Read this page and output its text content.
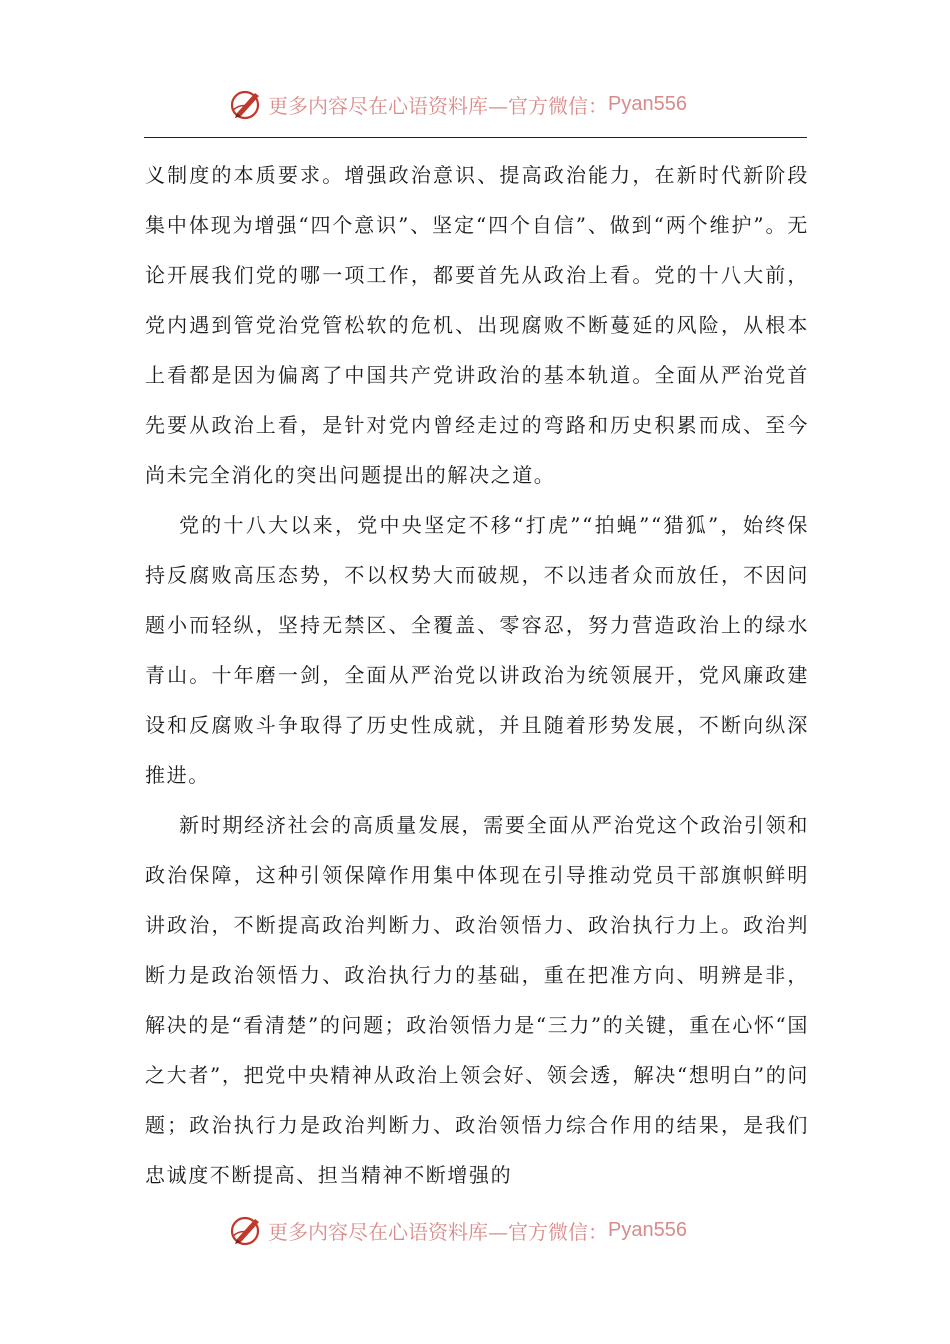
更多内容尽在心语资料库—官方微信： Pyan556

义制度的本质要求。增强政治意识、提高政治能力，在新时代新阶段集中体现为增强“四个意识”、坚定“四个自信”、做到“两个维护”。无论开展我们党的哪一项工作，都要首先从政治上看。党的十八大前，党内遇到管党治党管松软的危机、出现腐败不断蔓延的风险，从根本上看都是因为偏离了中国共产党讲政治的基本轨道。全面从严治党首先要从政治上看，是针对党内曾经走过的弯路和历史积累而成、至今尚未完全消化的突出问题提出的解决之道。

党的十八大以来，党中央坚定不移“打虎”“拍蝇”“猎狐”，始终保持反腐败高压态势，不以权势大而破规，不以违者众而放任，不因问题小而轻纵，坚持无禁区、全覆盖、零容忍，努力营造政治上的绿水青山。十年磨一剑，全面从严治党以讲政治为统领展开，党风廉政建设和反腐败斗争取得了历史性成就，并且随着形势发展，不断向纵深推进。

新时期经济社会的高质量发展，需要全面从严治党这个政治引领和政治保障，这种引领保障作用集中体现在引导推动党员干部旗帜鲜明讲政治，不断提高政治判断力、政治领悟力、政治执行力上。政治判断力是政治领悟力、政治执行力的基础，重在把准方向、明辨是非，解决的是“看清楚”的问题；政治领悟力是“三力”的关键，重在心怀“国之大者”，把党中央精神从政治上领会好、领会透，解决“想明白”的问题；政治执行力是政治判断力、政治领悟力综合作用的结果，是我们忠诚度不断提高、担当精神不断增强的

更多内容尽在心语资料库—官方微信： Pyan556
